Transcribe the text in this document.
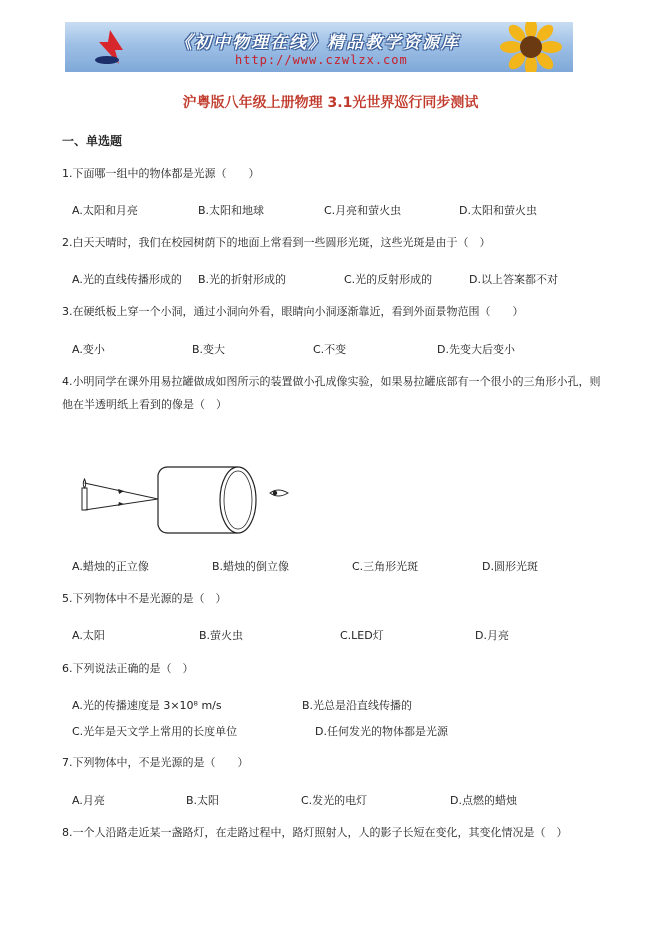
《初中物理在线》精品教学资源库
http://www.czwlzx.com
沪粤版八年级上册物理 3.1光世界巡行同步测试
一、单选题
1.下面哪一组中的物体都是光源（　　）
A.太阳和月亮	B.太阳和地球	C.月亮和萤火虫	D.太阳和萤火虫
2.白天天晴时，我们在校园树荫下的地面上常看到一些圆形光斑，这些光斑是由于（　）
A.光的直线传播形成的 B.光的折射形成的	C.光的反射形成的	D.以上答案都不对
3.在硬纸板上穿一个小洞，通过小洞向外看，眼睛向小洞逐渐靠近，看到外面景物范围（　　）
A.变小	B.变大	C.不变	D.先变大后变小
4.小明同学在课外用易拉罐做成如图所示的装置做小孔成像实验，如果易拉罐底部有一个很小的三角形小孔，则他在半透明纸上看到的像是（　）
A.蜡烛的正立像	B.蜡烛的倒立像	C.三角形光斑	D.圆形光斑
5.下列物体中不是光源的是（　）
A.太阳	B.萤火虫	C.LED灯	D.月亮
6.下列说法正确的是（　）
A.光的传播速度是 3×10⁸ m/s	B.光总是沿直线传播的
C.光年是天文学上常用的长度单位	D.任何发光的物体都是光源
7.下列物体中，不是光源的是（　　）
A.月亮	B.太阳	C.发光的电灯	D.点燃的蜡烛
8.一个人沿路走近某一盏路灯，在走路过程中，路灯照射人，人的影子长短在变化，其变化情况是（　）
